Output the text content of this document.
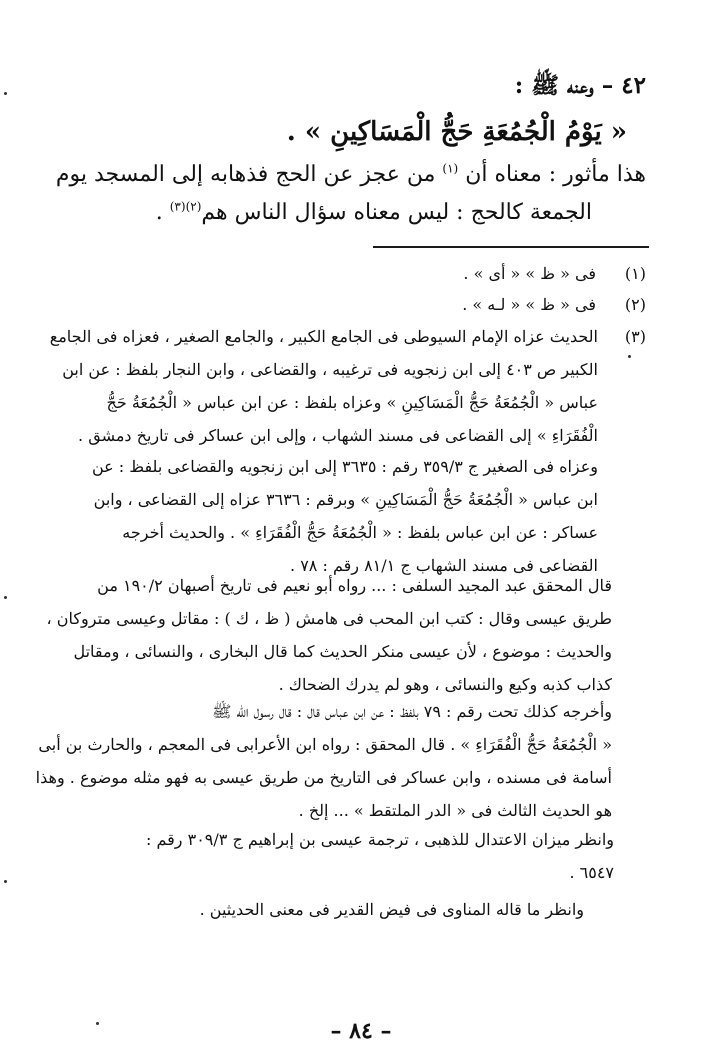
٤٢ – وعنه ﷺ :
« يَوْمُ الْجُمُعَةِ حَجُّ الْمَسَاكِينِ » .
هذا مأثور : معناه أن $^{(١)}$ من عجز عن الحج فذهابه إلى المسجد يوم
الجمعة كالحج : ليس معناه سؤال الناس هم$^{(٢)(٣)}$ .
(١)
فى « ظ » « أى » .
(٢)
فى « ظ » « لـه » .
(٣)
الحديث عزاه الإمام السيوطى فى الجامع الكبير ، والجامع الصغير ، فعزاه فى الجامع
الكبير ص ٤٠٣ إلى ابن زنجويه فى ترغيبه ، والقضاعى ، وابن النجار بلفظ : عن ابن
عباس « الْجُمُعَةُ حَجُّ الْمَسَاكِينِ » وعزاه بلفظ : عن ابن عباس « الْجُمُعَةُ حَجُّ
الْفُقَرَاءِ » إلى القضاعى فى مسند الشهاب ، وإلى ابن عساكر فى تاريخ دمشق .
وعزاه فى الصغير ج ٣٥٩/٣ رقم : ٣٦٣٥ إلى ابن زنجويه والقضاعى بلفظ : عن
ابن عباس « الْجُمُعَةُ حَجُّ الْمَسَاكِينِ » وبرقم : ٣٦٣٦ عزاه إلى القضاعى ، وابن
عساكر : عن ابن عباس بلفظ : « الْجُمُعَةُ حَجُّ الْفُقَرَاءِ » . والحديث أخرجه
القضاعى فى مسند الشهاب ج ٨١/١ رقم : ٧٨ .
قال المحقق عبد المجيد السلفى : ... رواه أبو نعيم فى تاريخ أصبهان ١٩٠/٢ من
طريق عيسى وقال : كتب ابن المحب فى هامش ( ظ ، ك ) : مقاتل وعيسى متروكان ،
والحديث : موضوع ، لأن عيسى منكر الحديث كما قال البخارى ، والنسائى ، ومقاتل
كذاب كذبه وكيع والنسائى ، وهو لم يدرك الضحاك .
وأخرجه كذلك تحت رقم : ٧٩ بلفظ : عن ابن عباس قال : قال رسول الله ﷺ
« الْجُمُعَةُ حَجُّ الْفُقَرَاءِ » . قال المحقق : رواه ابن الأعرابى فى المعجم ، والحارث بن أبى
أسامة فى مسنده ، وابن عساكر فى التاريخ من طريق عيسى به فهو مثله موضوع . وهذا
هو الحديث الثالث فى « الدر الملتقط » ... إلخ .
وانظر ميزان الاعتدال للذهبى ، ترجمة عيسى بن إبراهيم ج ٣٠٩/٣ رقم :
٦٥٤٧ .
وانظر ما قاله المناوى فى فيض القدير فى معنى الحديثين .
– ٨٤ –
